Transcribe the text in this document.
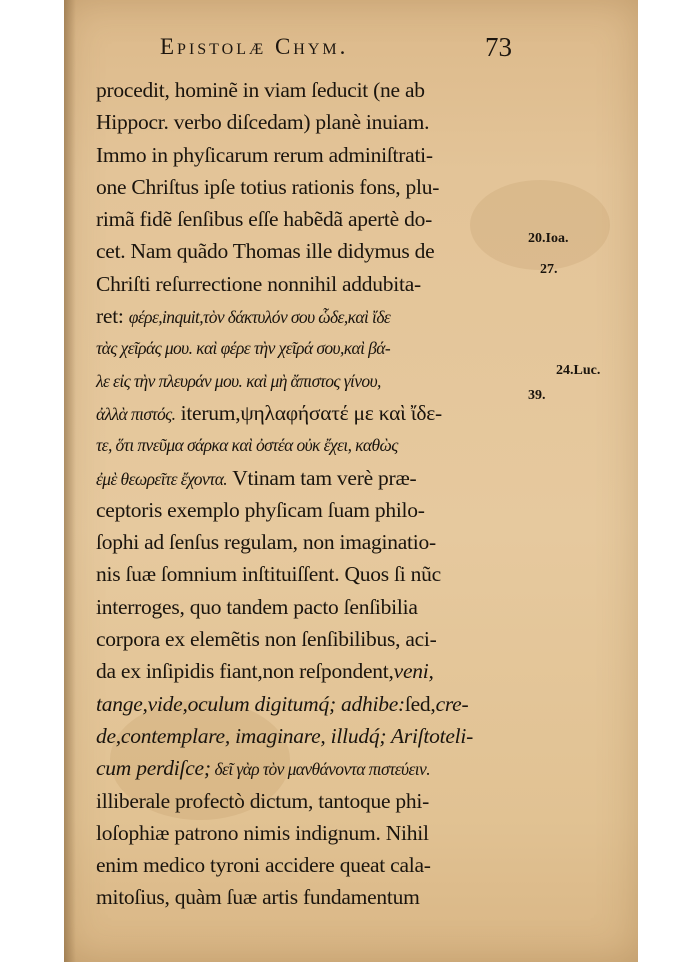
Epistolæ Chym.	73
procedit, hominẽ in viam ſeducit (ne ab
Hippocr. verbo diſcedam) planè inuiam.
Immo in phyſicarum rerum adminiſtrati-
one Chriſtus ipſe totius rationis fons, plu-
rimã fidẽ ſenſibus eſſe habẽdã apertè do-
cet. Nam quãdo Thomas ille didymus de
Chriſti reſurrectione nonnihil addubita-
ret: φέρε,inquit,τὸν δάκτυλόν σου ὧδε,καὶ ἴδε
τὰς χεῖράς μου. καὶ φέρε τὴν χεῖρά σου,καὶ βά-
λε εἰς τὴν πλευράν μου. καὶ μὴ ἄπιστος γίνου,
ἀλλὰ πιστός. iterum,ψηλαφήσατέ με καὶ ἴδε-
τε, ὅτι πνεῦμα σάρκα καὶ ὀστέα οὐκ ἔχει, καθὼς
ἐμὲ θεωρεῖτε ἔχοντα. Vtinam tam verè præ-
ceptoris exemplo phyſicam ſuam philo-
ſophi ad ſenſus regulam, non imaginatio-
nis ſuæ ſomnium inſtituiſſent. Quos ſi nũc
interroges, quo tandem pacto ſenſibilia
corpora ex elemẽtis non ſenſibilibus, aci-
da ex inſipidis fiant,non reſpondent,veni,
tange,vide,oculum digitumq́; adhibe:ſed,cre-
de,contemplare, imaginare, illudq́; Ariſtoteli-
cum perdiſce; δεῖ γὰρ τὸν μανθάνοντα πιστεύειν.
illiberale profectò dictum, tantoque phi-
loſophiæ patrono nimis indignum. Nihil
enim medico tyroni accidere queat cala-
mitoſius, quàm ſuæ artis fundamentum
20.Ioa.
27.
24.Luc.
39.
